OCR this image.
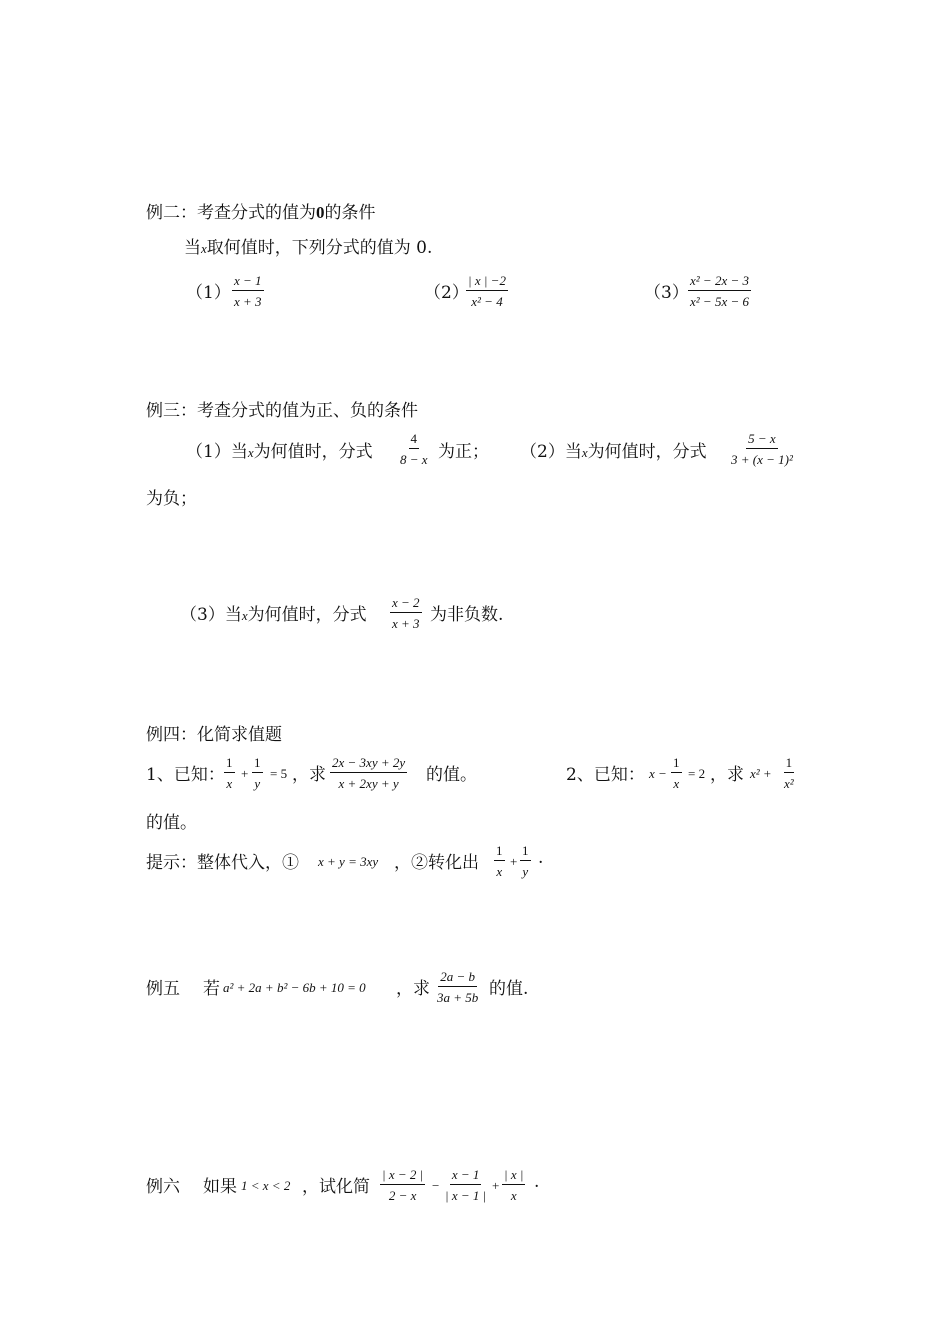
例二：考查分式的值为0的条件
当x取何值时，下列分式的值为 0.
$(1) \frac{x - 1}{x + 3}$	（2）
$\frac{| x | -2}{\text{x² − 4}}$	$(3) \frac{\text{x² − 2x − 3}}{\text{x² − 5x − 6}}$
例三：考查分式的值为正、负的条件
（1）当x为何值时，分式 $\frac{4}{8 - x}$ 为正； （2）当x为何值时，分式 $\frac{5 - x}{\text{3 + (x − 1)²}}$
为负；
（3）当x为何值时，分式 $\frac{x - 2}{x + 3}$ 为非负数.
例四：化简求值题
1、已知： $\frac{1}{x} + \frac{1}{y} = 5$ ，求 $\frac{2x - 3xy + 2y}{x + 2xy + y}$ 的值。	2、已知： $x - \frac{1}{x} = 2$ ，求 $x^2 + \frac{1}{\text{x²}}$
的值。
提示：整体代入，① x + y = 3xy ，②转化出 $\frac{1}{x} + \frac{1}{y}$ .
例五 若 a² + 2a + b² − 6b + 10 = 0 ，求 $\frac{2a - b}{3a + 5b}$ 的值.
例六 如果 1 < x < 2 ，试化简 $\frac{| x - 2 |}{2 - x} - \frac{x - 1}{| x - 1 |} + \frac{| x |}{x}$ .
